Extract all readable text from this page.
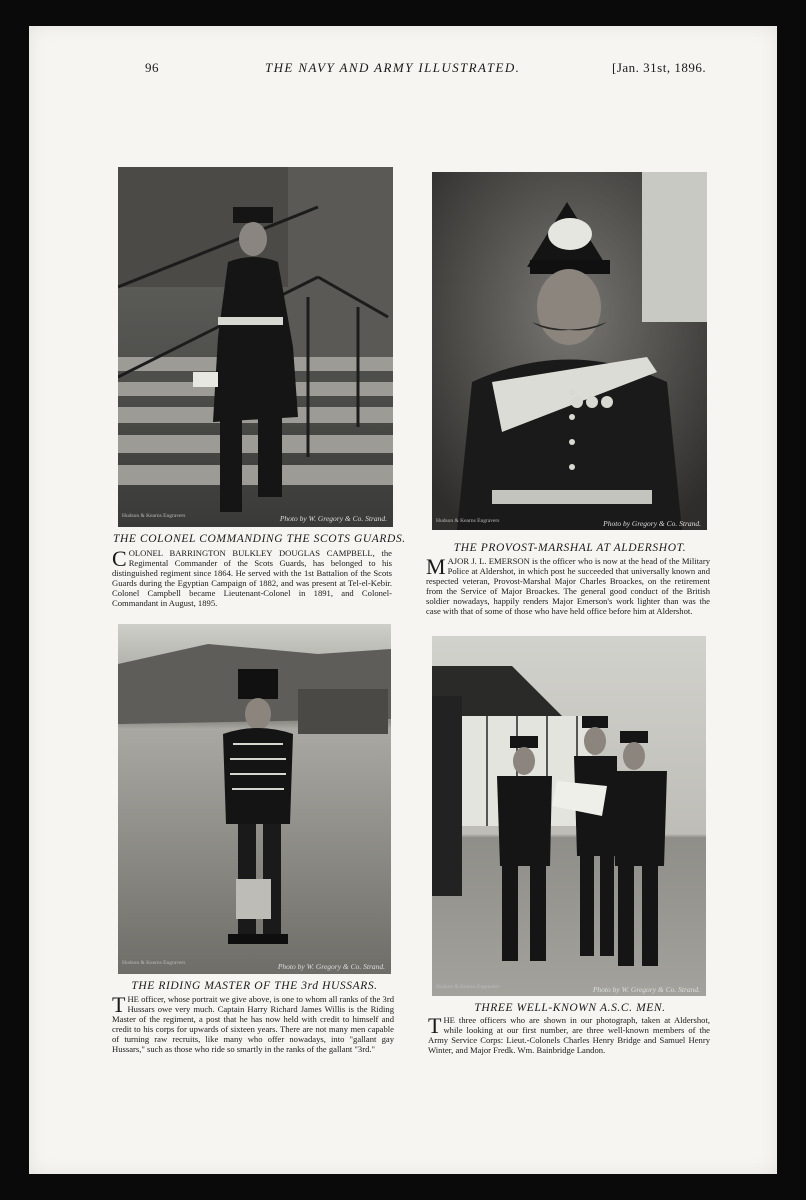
96	THE NAVY AND ARMY ILLUSTRATED.	[Jan. 31st, 1896.
Hudson & Kearns Engravers	Photo by W. Gregory & Co. Strand.	Hudson & Kearns Engravers	Photo by Gregory & Co. Strand.
THE COLONEL COMMANDING THE SCOTS GUARDS.
COLONEL BARRINGTON BULKLEY DOUGLAS CAMPBELL, the Regimental Commander of the Scots Guards, has belonged to his distinguished regiment since 1864. He served with the 1st Battalion of the Scots Guards during the Egyptian Campaign of 1882, and was present at Tel-el-Kebir. Colonel Campbell became Lieutenant-Colonel in 1891, and Colonel-Commandant in August, 1895.
THE PROVOST-MARSHAL AT ALDERSHOT.
MAJOR J. L. EMERSON is the officer who is now at the head of the Military Police at Aldershot, in which post he succeeded that universally known and respected veteran, Provost-Marshal Major Charles Broackes, on the retirement from the Service of Major Broackes. The general good conduct of the British soldier nowadays, happily renders Major Emerson's work lighter than was the case with that of some of those who have held office before him at Aldershot.
Hudson & Kearns Engravers	Photo by W. Gregory & Co. Strand.
Hudson & Kearns Engravers	Photo by W. Gregory & Co. Strand.
THE RIDING MASTER OF THE 3rd HUSSARS.
THE officer, whose portrait we give above, is one to whom all ranks of the 3rd Hussars owe very much. Captain Harry Richard James Willis is the Riding Master of the regiment, a post that he has now held with credit to himself and credit to his corps for upwards of sixteen years. There are not many men capable of turning raw recruits, like many who offer nowadays, into "gallant gay Hussars," such as those who ride so smartly in the ranks of the gallant "3rd."
THREE WELL-KNOWN A.S.C. MEN.
THE three officers who are shown in our photograph, taken at Aldershot, while looking at our first number, are three well-known members of the Army Service Corps: Lieut.-Colonels Charles Henry Bridge and Samuel Henry Winter, and Major Fredk. Wm. Bainbridge Landon.
